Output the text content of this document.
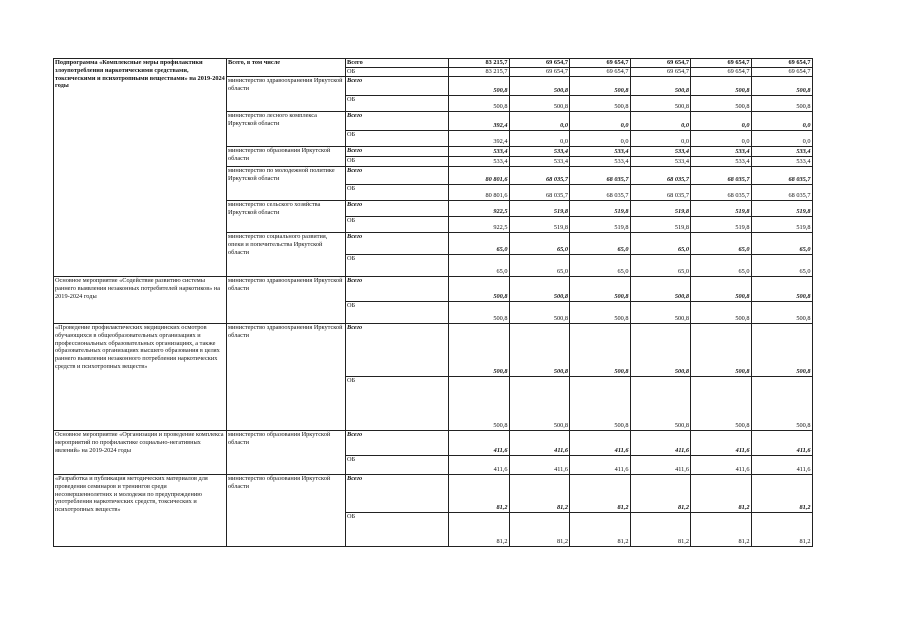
Подпрограмма «Комплексные меры профилактики злоупотребления наркотическими средствами, токсическими и психотропными веществами» на 2019-2024 годы	Всего, в том числе	Всего	83 215,7	69 654,7	69 654,7	69 654,7	69 654,7	69 654,7
		ОБ	83 215,7	69 654,7	69 654,7	69 654,7	69 654,7	69 654,7
	министерство здравоохранения Иркутской области	Всего	500,8	500,8	500,8	500,8	500,8	500,8
		ОБ	500,8	500,8	500,8	500,8	500,8	500,8
	министерство лесного комплекса Иркутской области	Всего	392,4	0,0	0,0	0,0	0,0	0,0
		ОБ	392,4	0,0	0,0	0,0	0,0	0,0
	министерство образования Иркутской области	Всего	533,4	533,4	533,4	533,4	533,4	533,4
		ОБ	533,4	533,4	533,4	533,4	533,4	533,4
	министерство по молодежной политике Иркутской области	Всего	80 801,6	68 035,7	68 035,7	68 035,7	68 035,7	68 035,7
		ОБ	80 801,6	68 035,7	68 035,7	68 035,7	68 035,7	68 035,7
	министерство сельского хозяйства Иркутской области	Всего	922,5	519,8	519,8	519,8	519,8	519,8
		ОБ	922,5	519,8	519,8	519,8	519,8	519,8
	министерство социального развития, опеки и попечительства Иркутской области	Всего	65,0	65,0	65,0	65,0	65,0	65,0
		ОБ	65,0	65,0	65,0	65,0	65,0	65,0
Основное мероприятие «Содействие развитию системы раннего выявления незаконных потребителей наркотиков» на 2019-2024 годы	министерство здравоохранения Иркутской области	Всего	500,8	500,8	500,8	500,8	500,8	500,8
		ОБ	500,8	500,8	500,8	500,8	500,8	500,8
«Проведение профилактических медицинских осмотров обучающихся в общеобразовательных организациях и профессиональных образовательных организациях, а также образовательных организациях высшего образования в целях раннего выявления незаконного потребления наркотических средств и психотропных веществ»	министерство здравоохранения Иркутской области	Всего	500,8	500,8	500,8	500,8	500,8	500,8
		ОБ	500,8	500,8	500,8	500,8	500,8	500,8
Основное мероприятие «Организация и проведение комплекса мероприятий по профилактике социально-негативных явлений» на 2019-2024 годы	министерство образования Иркутской области	Всего	411,6	411,6	411,6	411,6	411,6	411,6
		ОБ	411,6	411,6	411,6	411,6	411,6	411,6
«Разработка и публикация методических материалов для проведения семинаров и тренингов среди несовершеннолетних и молодежи по предупреждению употребления наркотических средств, токсических и психотропных веществ»	министерство образования Иркутской области	Всего	81,2	81,2	81,2	81,2	81,2	81,2
		ОБ	81,2	81,2	81,2	81,2	81,2	81,2
